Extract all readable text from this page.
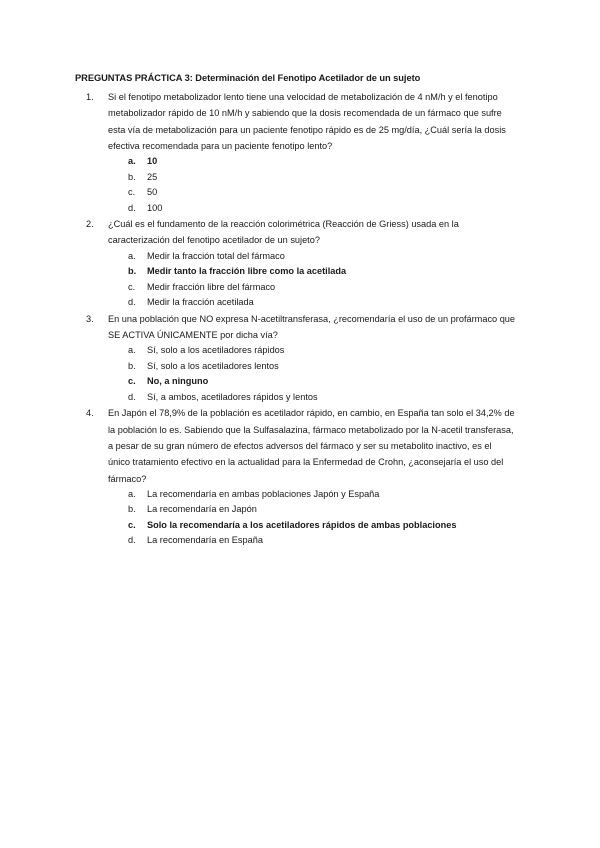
PREGUNTAS PRÁCTICA 3: Determinación del Fenotipo Acetilador de un sujeto
1. Si el fenotipo metabolizador lento tiene una velocidad de metabolización de 4 nM/h y el fenotipo metabolizador rápido de 10 nM/h y sabiendo que la dosis recomendada de un fármaco que sufre esta vía de metabolización para un paciente fenotipo rápido es de 25 mg/día, ¿Cuál sería la dosis efectiva recomendada para un paciente fenotipo lento?
a. 10
b. 25
c. 50
d. 100
2. ¿Cuál es el fundamento de la reacción colorimétrica (Reacción de Griess) usada en la caracterización del fenotipo acetilador de un sujeto?
a. Medir la fracción total del fármaco
b. Medir tanto la fracción libre como la acetilada
c. Medir fracción libre del fármaco
d. Medir la fracción acetilada
3. En una población que NO expresa N-acetiltransferasa, ¿recomendaría el uso de un profármaco que SE ACTIVA ÚNICAMENTE por dicha vía?
a. Sí, solo a los acetiladores rápidos
b. Sí, solo a los acetiladores lentos
c. No, a ninguno
d. Sí, a ambos, acetiladores rápidos y lentos
4. En Japón el 78,9% de la población es acetilador rápido, en cambio, en España tan solo el 34,2% de la población lo es. Sabiendo que la Sulfasalazina, fármaco metabolizado por la N-acetil transferasa, a pesar de su gran número de efectos adversos del fármaco y ser su metabolito inactivo, es el único tratamiento efectivo en la actualidad para la Enfermedad de Crohn, ¿aconsejaría el uso del fármaco?
a. La recomendaría en ambas poblaciones Japón y España
b. La recomendaría en Japón
c. Solo la recomendaría a los acetiladores rápidos de ambas poblaciones
d. La recomendaría en España
